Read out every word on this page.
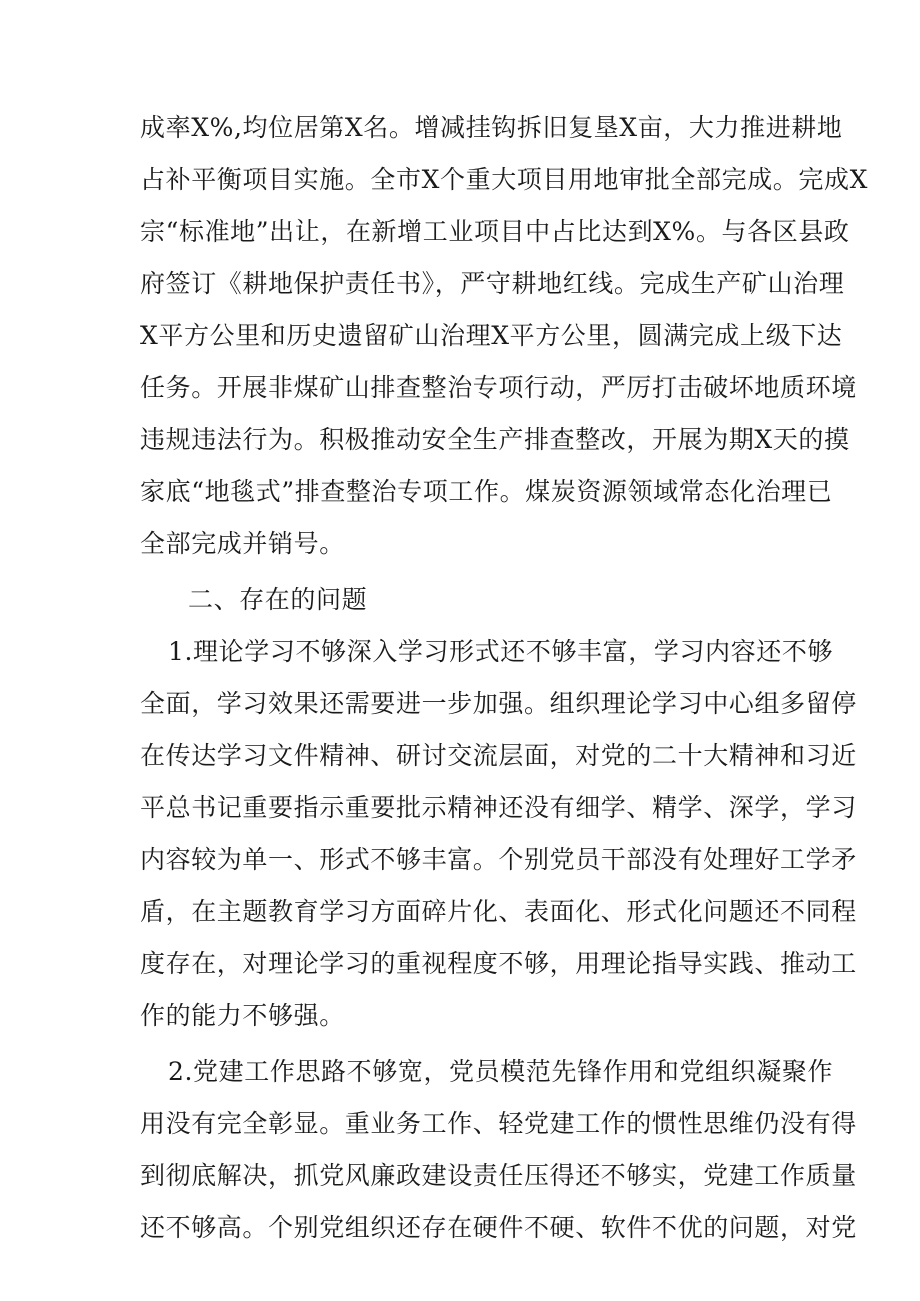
成率X%,均位居第X名。增减挂钩拆旧复垦X亩，大力推进耕地
占补平衡项目实施。全市X个重大项目用地审批全部完成。完成X
宗“标准地”出让，在新增工业项目中占比达到X%。与各区县政
府签订《耕地保护责任书》，严守耕地红线。完成生产矿山治理
X平方公里和历史遗留矿山治理X平方公里，圆满完成上级下达
任务。开展非煤矿山排查整治专项行动，严厉打击破坏地质环境
违规违法行为。积极推动安全生产排查整改，开展为期X天的摸
家底“地毯式”排查整治专项工作。煤炭资源领域常态化治理已
全部完成并销号。
二、存在的问题
1.理论学习不够深入学习形式还不够丰富，学习内容还不够
全面，学习效果还需要进一步加强。组织理论学习中心组多留停
在传达学习文件精神、研讨交流层面，对党的二十大精神和习近
平总书记重要指示重要批示精神还没有细学、精学、深学，学习
内容较为单一、形式不够丰富。个别党员干部没有处理好工学矛
盾，在主题教育学习方面碎片化、表面化、形式化问题还不同程
度存在，对理论学习的重视程度不够，用理论指导实践、推动工
作的能力不够强。
2.党建工作思路不够宽，党员模范先锋作用和党组织凝聚作
用没有完全彰显。重业务工作、轻党建工作的惯性思维仍没有得
到彻底解决，抓党风廉政建设责任压得还不够实，党建工作质量
还不够高。个别党组织还存在硬件不硬、软件不优的问题，对党
